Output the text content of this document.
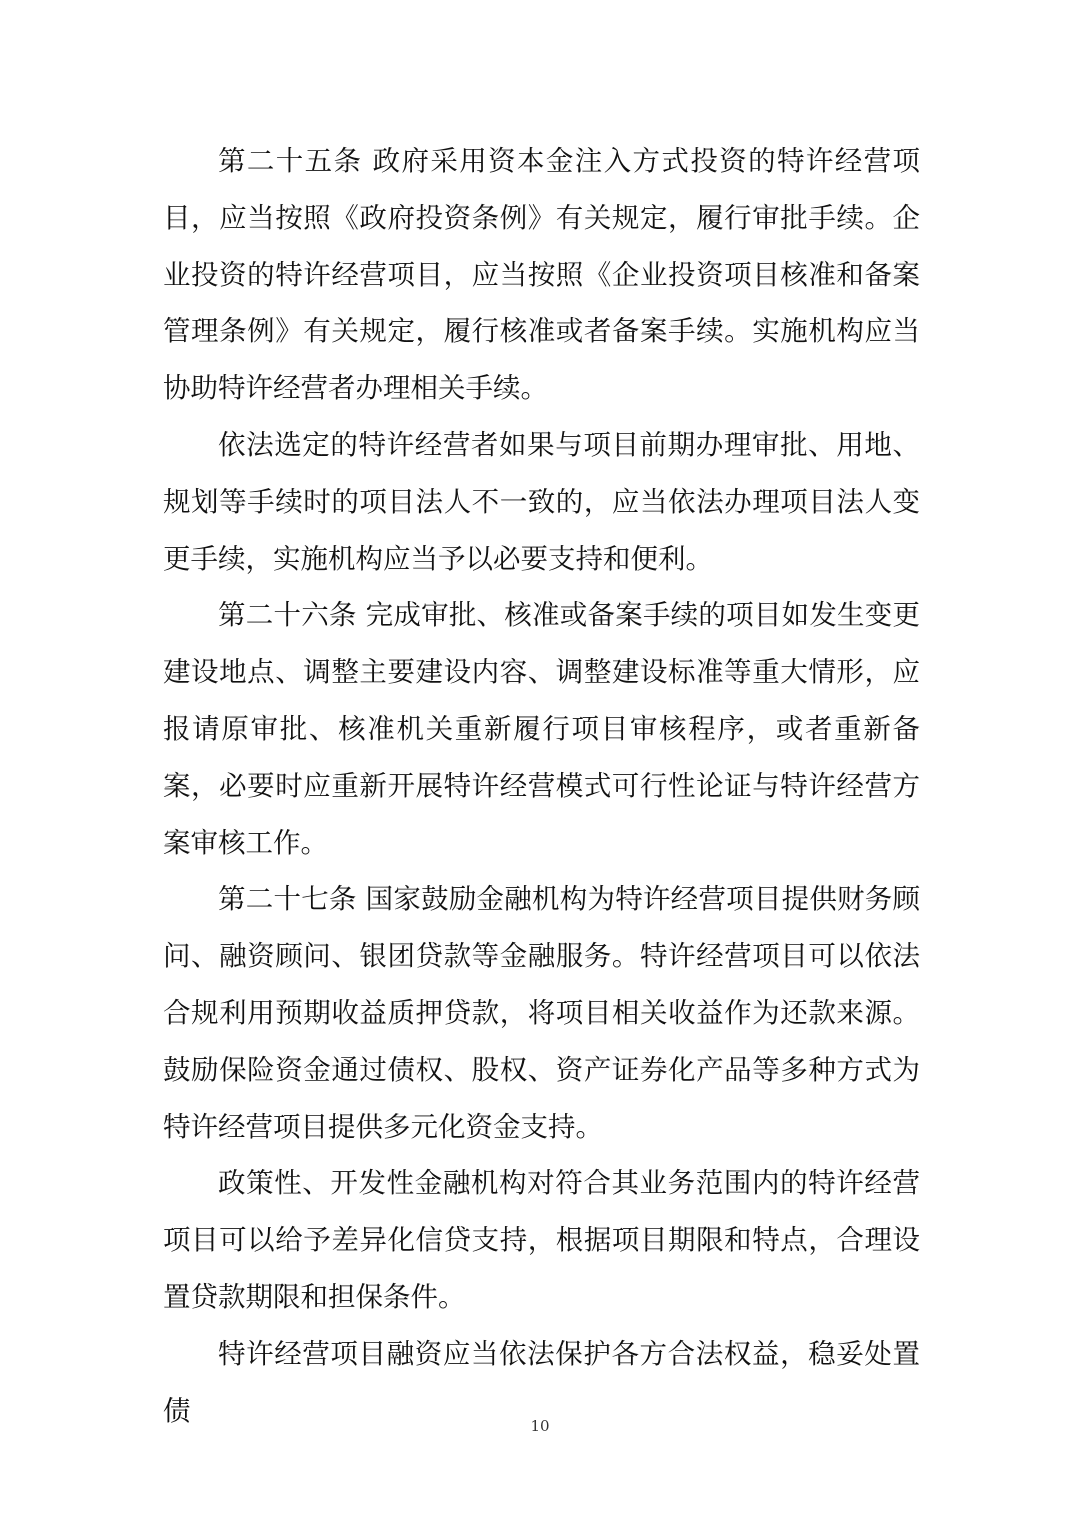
第二十五条 政府采用资本金注入方式投资的特许经营项目，应当按照《政府投资条例》有关规定，履行审批手续。企业投资的特许经营项目，应当按照《企业投资项目核准和备案管理条例》有关规定，履行核准或者备案手续。实施机构应当协助特许经营者办理相关手续。

依法选定的特许经营者如果与项目前期办理审批、用地、规划等手续时的项目法人不一致的，应当依法办理项目法人变更手续，实施机构应当予以必要支持和便利。

第二十六条 完成审批、核准或备案手续的项目如发生变更建设地点、调整主要建设内容、调整建设标准等重大情形，应报请原审批、核准机关重新履行项目审核程序，或者重新备案，必要时应重新开展特许经营模式可行性论证与特许经营方案审核工作。

第二十七条 国家鼓励金融机构为特许经营项目提供财务顾问、融资顾问、银团贷款等金融服务。特许经营项目可以依法合规利用预期收益质押贷款，将项目相关收益作为还款来源。鼓励保险资金通过债权、股权、资产证券化产品等多种方式为特许经营项目提供多元化资金支持。

政策性、开发性金融机构对符合其业务范围内的特许经营项目可以给予差异化信贷支持，根据项目期限和特点，合理设置贷款期限和担保条件。

特许经营项目融资应当依法保护各方合法权益，稳妥处置债	10
